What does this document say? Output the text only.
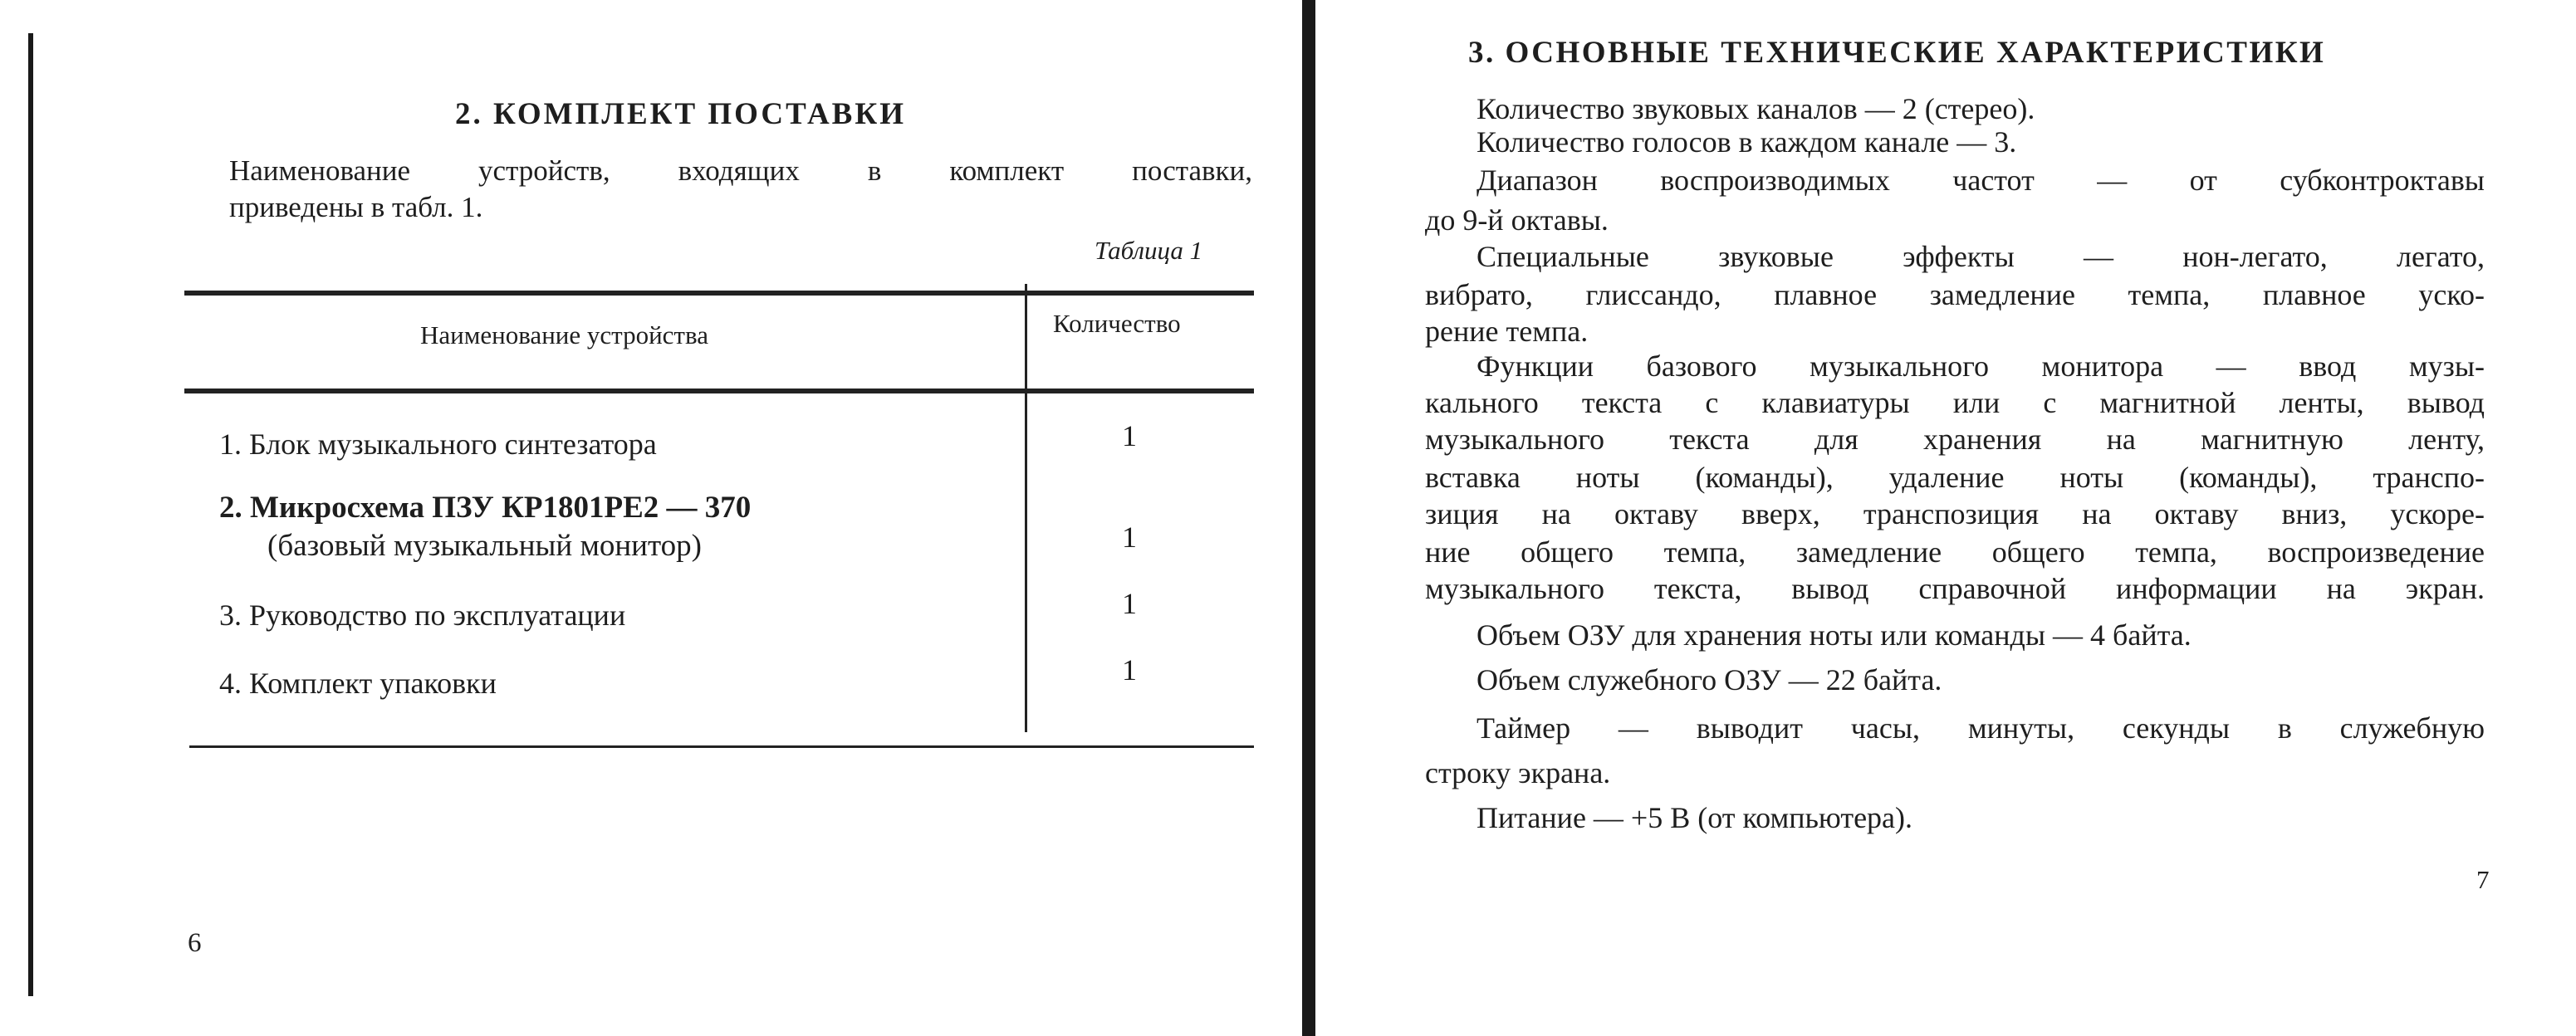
2. КОМПЛЕКТ ПОСТАВКИ
Наименование устройств, входящих в комплект поставки,
приведены в табл. 1.
Таблица 1
Наименование устройства	Количество
1. Блок музыкального синтезатора	1
2. Микросхема ПЗУ КР1801РЕ2 — 370
(базовый музыкальный монитор)	1
3. Руководство по эксплуатации	1
4. Комплект упаковки	1
6
3. ОСНОВНЫЕ ТЕХНИЧЕСКИЕ ХАРАКТЕРИСТИКИ
Количество звуковых каналов — 2 (стерео).
Количество голосов в каждом канале — 3.
Диапазон воспроизводимых частот — от субконтроктавы
до 9-й октавы.
Специальные звуковые эффекты — нон-легато, легато,
вибрато, глиссандо, плавное замедление темпа, плавное уско-
рение темпа.
Функции базового музыкального монитора — ввод музы-
кального текста с клавиатуры или с магнитной ленты, вывод
музыкального текста для хранения на магнитную ленту,
вставка ноты (команды), удаление ноты (команды), транспо-
зиция на октаву вверх, транспозиция на октаву вниз, ускоре-
ние общего темпа, замедление общего темпа, воспроизведение
музыкального текста, вывод справочной информации на экран.
Объем ОЗУ для хранения ноты или команды — 4 байта.
Объем служебного ОЗУ — 22 байта.
Таймер — выводит часы, минуты, секунды в служебную
строку экрана.
Питание — +5 В (от компьютера).
7
